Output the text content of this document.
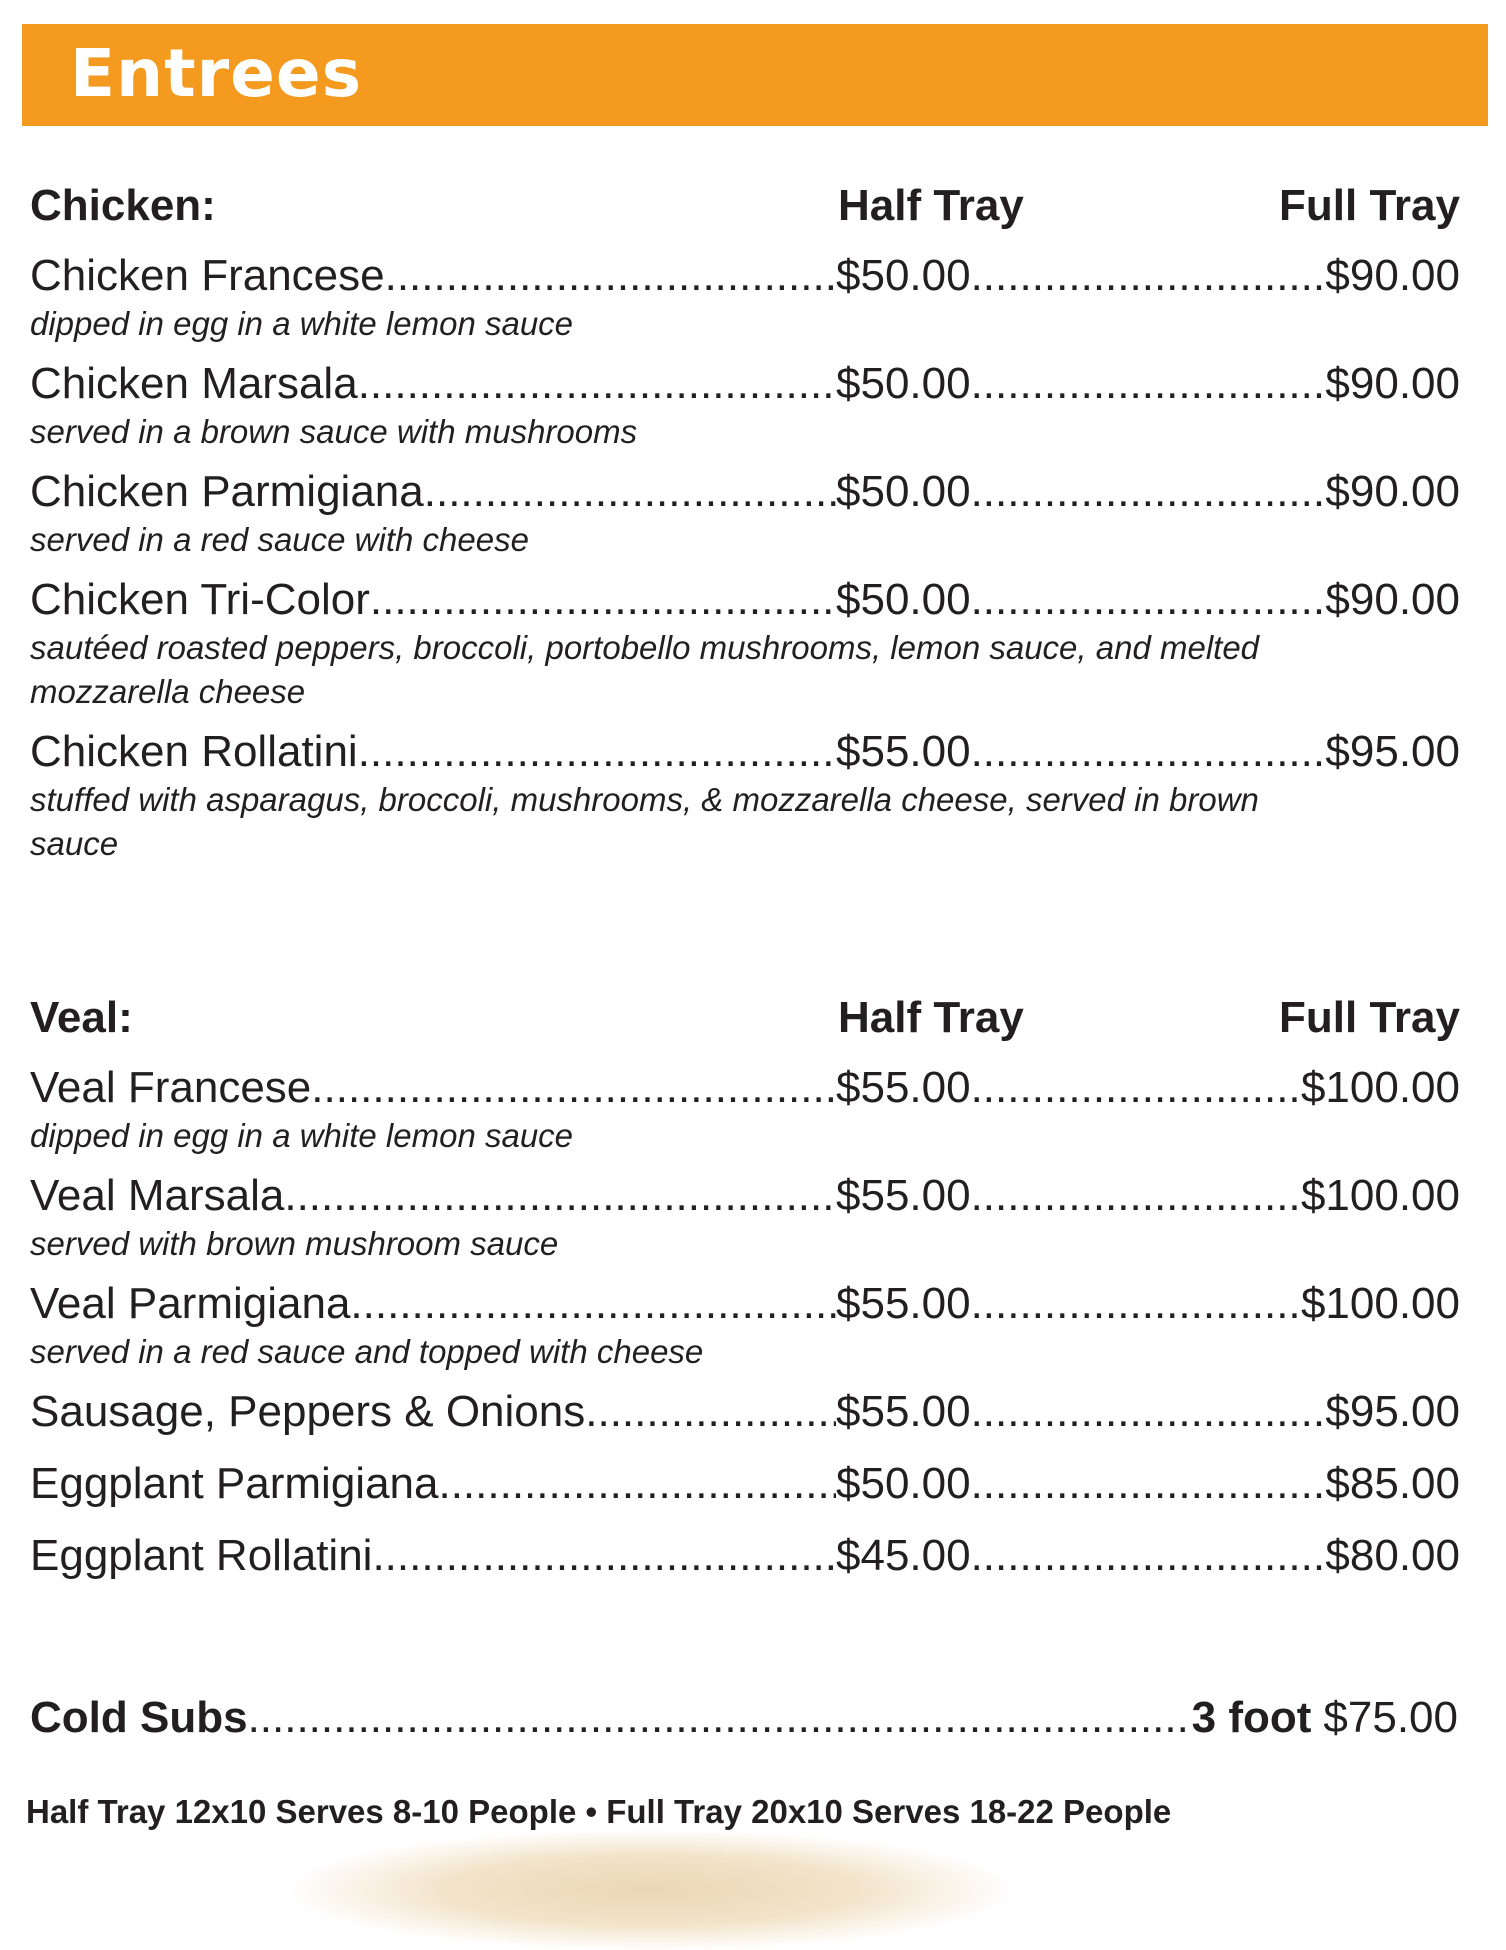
Entrees
Chicken:	Half Tray	Full Tray
Chicken Francese .....	$50.00 .....	$90.00
dipped in egg in a white lemon sauce
Chicken Marsala .....	$50.00 .....	$90.00
served in a brown sauce with mushrooms
Chicken Parmigiana .....	$50.00 .....	$90.00
served in a red sauce with cheese
Chicken Tri-Color .....	$50.00 .....	$90.00
sautéed roasted peppers, broccoli, portobello mushrooms, lemon sauce, and melted mozzarella cheese
Chicken Rollatini .....	$55.00 .....	$95.00
stuffed with asparagus, broccoli, mushrooms, & mozzarella cheese, served in brown sauce
Veal:	Half Tray	Full Tray
Veal Francese .....	$55.00 .....	$100.00
dipped in egg in a white lemon sauce
Veal Marsala .....	$55.00 .....	$100.00
served with brown mushroom sauce
Veal Parmigiana .....	$55.00 .....	$100.00
served in a red sauce and topped with cheese
Sausage, Peppers & Onions .....	$55.00 .....	$95.00
Eggplant Parmigiana .....	$50.00 .....	$85.00
Eggplant Rollatini .....	$45.00 .....	$80.00
Cold Subs .....	3 foot $75.00
Half Tray 12x10 Serves 8-10 People • Full Tray 20x10 Serves 18-22 People
